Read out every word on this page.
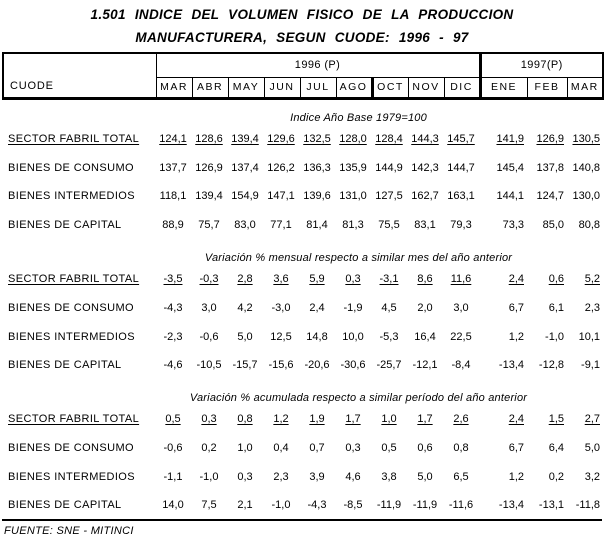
1.501 INDICE DEL VOLUMEN FISICO DE LA PRODUCCION
MANUFACTURERA, SEGUN CUODE: 1996 - 97
CUODE	1996 (P)									1997(P)		
	MAR	ABR	MAY	JUN	JUL	AGO	OCT	NOV	DIC	ENE	FEB	MAR
	Indice Año Base 1979=100											
SECTOR FABRIL TOTAL	124,1	128,6	139,4	129,6	132,5	128,0	128,4	144,3	145,7	141,9	126,9	130,5
BIENES DE CONSUMO	137,7	126,9	137,4	126,2	136,3	135,9	144,9	142,3	144,7	145,4	137,8	140,8
BIENES INTERMEDIOS	118,1	139,4	154,9	147,1	139,6	131,0	127,5	162,7	163,1	144,1	124,7	130,0
BIENES DE CAPITAL	88,9	75,7	83,0	77,1	81,4	81,3	75,5	83,1	79,3	73,3	85,0	80,8
	Variación % mensual respecto a similar mes del año anterior											
SECTOR FABRIL TOTAL	-3,5	-0,3	2,8	3,6	5,9	0,3	-3,1	8,6	11,6	2,4	0,6	5,2
BIENES DE CONSUMO	-4,3	3,0	4,2	-3,0	2,4	-1,9	4,5	2,0	3,0	6,7	6,1	2,3
BIENES INTERMEDIOS	-2,3	-0,6	5,0	12,5	14,8	10,0	-5,3	16,4	22,5	1,2	-1,0	10,1
BIENES DE CAPITAL	-4,6	-10,5	-15,7	-15,6	-20,6	-30,6	-25,7	-12,1	-8,4	-13,4	-12,8	-9,1
	Variación % acumulada respecto a similar período del año anterior											
SECTOR FABRIL TOTAL	0,5	0,3	0,8	1,2	1,9	1,7	1,0	1,7	2,6	2,4	1,5	2,7
BIENES DE CONSUMO	-0,6	0,2	1,0	0,4	0,7	0,3	0,5	0,6	0,8	6,7	6,4	5,0
BIENES INTERMEDIOS	-1,1	-1,0	0,3	2,3	3,9	4,6	3,8	5,0	6,5	1,2	0,2	3,2
BIENES DE CAPITAL	14,0	7,5	2,1	-1,0	-4,3	-8,5	-11,9	-11,9	-11,6	-13,4	-13,1	-11,8
FUENTE: SNE - MITINCI
